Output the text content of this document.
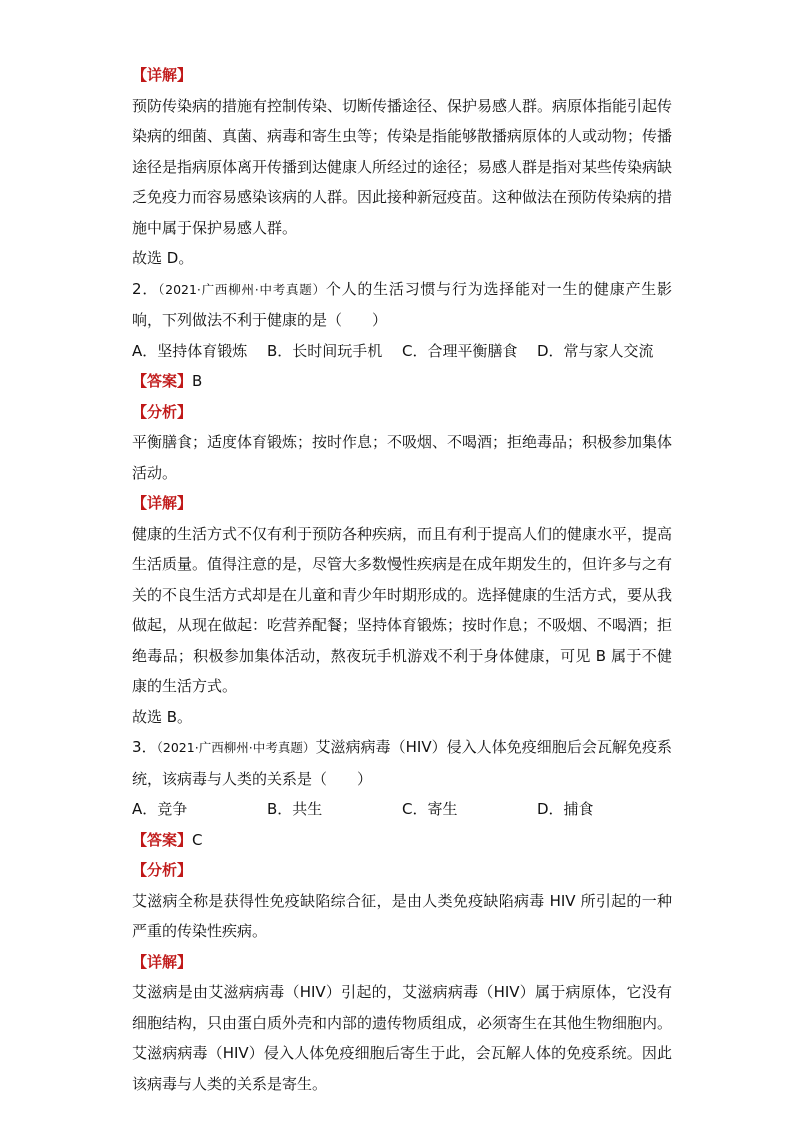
【详解】

预防传染病的措施有控制传染、切断传播途径、保护易感人群。病原体指能引起传染病的细菌、真菌、病毒和寄生虫等；传染是指能够散播病原体的人或动物；传播途径是指病原体离开传播到达健康人所经过的途径；易感人群是指对某些传染病缺乏免疫力而容易感染该病的人群。因此接种新冠疫苗。这种做法在预防传染病的措施中属于保护易感人群。

故选 D。

2．（2021·广西柳州·中考真题）个人的生活习惯与行为选择能对一生的健康产生影响，下列做法不利于健康的是（　　）

A．坚持体育锻炼	B．长时间玩手机	C．合理平衡膳食	D．常与家人交流

【答案】B

【分析】

平衡膳食；适度体育锻炼；按时作息；不吸烟、不喝酒；拒绝毒品；积极参加集体活动。

【详解】

健康的生活方式不仅有利于预防各种疾病，而且有利于提高人们的健康水平，提高生活质量。值得注意的是，尽管大多数慢性疾病是在成年期发生的，但许多与之有关的不良生活方式却是在儿童和青少年时期形成的。选择健康的生活方式，要从我做起，从现在做起：吃营养配餐；坚持体育锻炼；按时作息；不吸烟、不喝酒；拒绝毒品；积极参加集体活动，熬夜玩手机游戏不利于身体健康，可见 B 属于不健康的生活方式。

故选 B。

3．（2021·广西柳州·中考真题）艾滋病病毒（HIV）侵入人体免疫细胞后会瓦解免疫系统，该病毒与人类的关系是（　　）

A．竞争	B．共生	C．寄生	D．捕食

【答案】C

【分析】

艾滋病全称是获得性免疫缺陷综合征，是由人类免疫缺陷病毒 HIV 所引起的一种严重的传染性疾病。

【详解】

艾滋病是由艾滋病病毒（HIV）引起的，艾滋病病毒（HIV）属于病原体，它没有细胞结构，只由蛋白质外壳和内部的遗传物质组成，必须寄生在其他生物细胞内。艾滋病病毒（HIV）侵入人体免疫细胞后寄生于此，会瓦解人体的免疫系统。因此该病毒与人类的关系是寄生。
